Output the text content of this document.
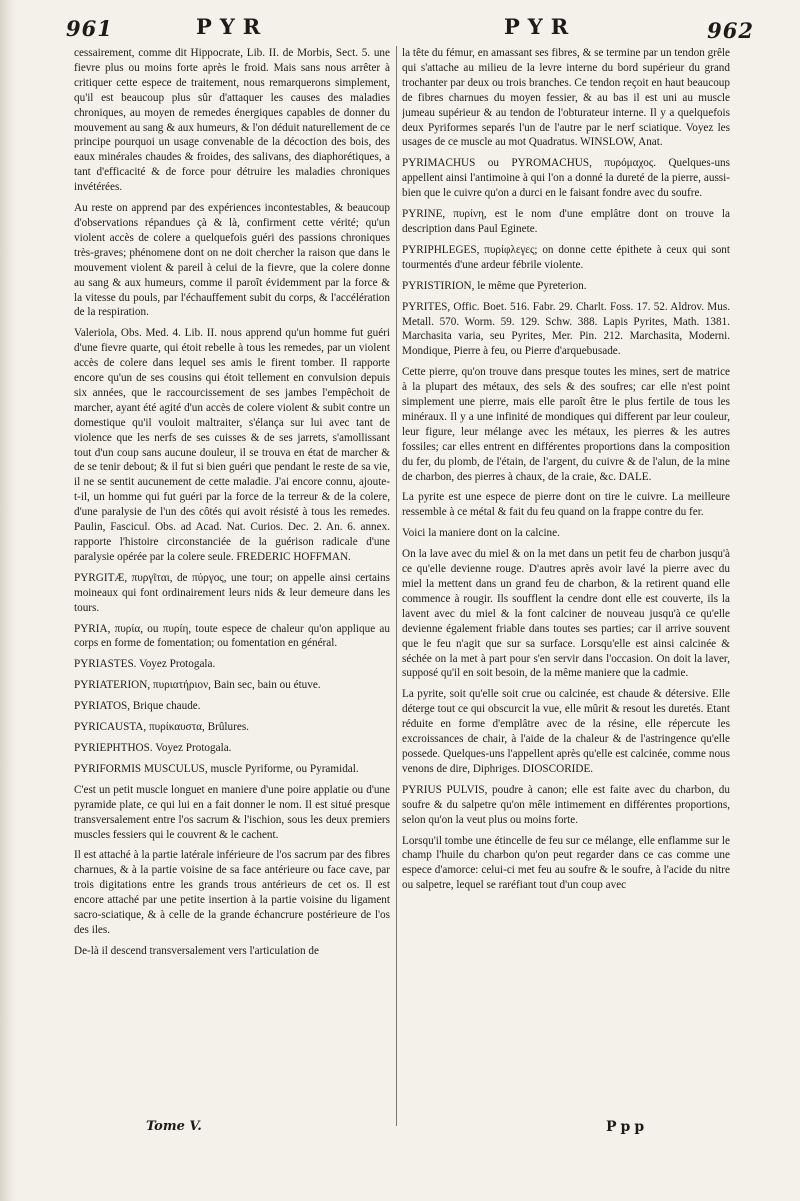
961	PYR	PYR	962

cessairement, comme dit Hippocrate, Lib. II. de Morbis, Sect. 5. une fievre plus ou moins forte après le froid. Mais sans nous arrêter à critiquer cette espece de traitement, nous remarquerons simplement, qu'il est beaucoup plus sûr d'attaquer les causes des maladies chroniques, au moyen de remedes énergiques capables de donner du mouvement au sang & aux humeurs, & l'on déduit naturellement de ce principe pourquoi un usage convenable de la décoction des bois, des eaux minérales chaudes & froides, des salivans, des diaphorétiques, a tant d'efficacité & de force pour détruire les maladies chroniques invétérées.

Au reste on apprend par des expériences incontestables, & beaucoup d'observations répandues çà & là, confirment cette vérité; qu'un violent accès de colere a quelquefois guéri des passions chroniques très-graves; phénomene dont on ne doit chercher la raison que dans le mouvement violent & pareil à celui de la fievre, que la colere donne au sang & aux humeurs, comme il paroît évidemment par la force & la vitesse du pouls, par l'échauffement subit du corps, & l'accélération de la respiration.

Valeriola, Obs. Med. 4. Lib. II. nous apprend qu'un homme fut guéri d'une fievre quarte, qui étoit rebelle à tous les remedes, par un violent accès de colere dans lequel ses amis le firent tomber. Il rapporte encore qu'un de ses cousins qui étoit tellement en convulsion depuis six années, que le raccourcissement de ses jambes l'empêchoit de marcher, ayant été agité d'un accès de colere violent & subit contre un domestique qu'il vouloit maltraiter, s'élança sur lui avec tant de violence que les nerfs de ses cuisses & de ses jarrets, s'amollissant tout d'un coup sans aucune douleur, il se trouva en état de marcher & de se tenir debout; & il fut si bien guéri que pendant le reste de sa vie, il ne se sentit aucunement de cette maladie. J'ai encore connu, ajoute-t-il, un homme qui fut guéri par la force de la terreur & de la colere, d'une paralysie de l'un des côtés qui avoit résisté à tous les remedes. Paulin, Fascicul. Obs. ad Acad. Nat. Curios. Dec. 2. An. 6. annex. rapporte l'histoire circonstanciée de la guérison radicale d'une paralysie opérée par la colere seule. FREDERIC HOFFMAN.

PYRGITÆ, πυργῖται, de πύργος, une tour; on appelle ainsi certains moineaux qui font ordinairement leurs nids & leur demeure dans les tours.

PYRIA, πυρία, ou πυρίη, toute espece de chaleur qu'on applique au corps en forme de fomentation; ou fomentation en général.

PYRIASTES. Voyez Protogala.

PYRIATERION, πυριατήριον, Bain sec, bain ou étuve.

PYRIATOS, Brique chaude.

PYRICAUSTA, πυρίκαυστα, Brûlures.

PYRIEPHTHOS. Voyez Protogala.

PYRIFORMIS MUSCULUS, muscle Pyriforme, ou Pyramidal.

C'est un petit muscle longuet en maniere d'une poire applatie ou d'une pyramide plate, ce qui lui en a fait donner le nom. Il est situé presque transversalement entre l'os sacrum & l'ischion, sous les deux premiers muscles fessiers qui le couvrent & le cachent.

Il est attaché à la partie latérale inférieure de l'os sacrum par des fibres charnues, & à la partie voisine de sa face antérieure ou face cave, par trois digitations entre les grands trous antérieurs de cet os. Il est encore attaché par une petite insertion à la partie voisine du ligament sacro-sciatique, & à celle de la grande échancrure postérieure de l'os des iles.

De-là il descend transversalement vers l'articulation de

la tête du fémur, en amassant ses fibres, & se termine par un tendon grêle qui s'attache au milieu de la levre interne du bord supérieur du grand trochanter par deux ou trois branches. Ce tendon reçoit en haut beaucoup de fibres charnues du moyen fessier, & au bas il est uni au muscle jumeau supérieur & au tendon de l'obturateur interne. Il y a quelquefois deux Pyriformes separés l'un de l'autre par le nerf sciatique. Voyez les usages de ce muscle au mot Quadratus. WINSLOW, Anat.

PYRIMACHUS ou PYROMACHUS, πυρόμαχος. Quelques-uns appellent ainsi l'antimoine à qui l'on a donné la dureté de la pierre, aussi-bien que le cuivre qu'on a durci en le faisant fondre avec du soufre.

PYRINE, πυρίνη, est le nom d'une emplâtre dont on trouve la description dans Paul Eginete.

PYRIPHLEGES, πυρίφλεγες; on donne cette épithete à ceux qui sont tourmentés d'une ardeur fébrile violente.

PYRISTIRION, le même que Pyreterion.

PYRITES, Offic. Boet. 516. Fabr. 29. Charlt. Foss. 17. 52. Aldrov. Mus. Metall. 570. Worm. 59. 129. Schw. 388. Lapis Pyrites, Math. 1381. Marchasita varia, seu Pyrites, Mer. Pin. 212. Marchasita, Moderni. Mondique, Pierre à feu, ou Pierre d'arquebusade.

Cette pierre, qu'on trouve dans presque toutes les mines, sert de matrice à la plupart des métaux, des sels & des soufres; car elle n'est point simplement une pierre, mais elle paroît être le plus fertile de tous les minéraux. Il y a une infinité de mondiques qui different par leur couleur, leur figure, leur mélange avec les métaux, les pierres & les autres fossiles; car elles entrent en différentes proportions dans la composition du fer, du plomb, de l'étain, de l'argent, du cuivre & de l'alun, de la mine de charbon, des pierres à chaux, de la craie, &c. DALE.

La pyrite est une espece de pierre dont on tire le cuivre. La meilleure ressemble à ce métal & fait du feu quand on la frappe contre du fer.

Voici la maniere dont on la calcine.

On la lave avec du miel & on la met dans un petit feu de charbon jusqu'à ce qu'elle devienne rouge. D'autres après avoir lavé la pierre avec du miel la mettent dans un grand feu de charbon, & la retirent quand elle commence à rougir. Ils soufflent la cendre dont elle est couverte, ils la lavent avec du miel & la font calciner de nouveau jusqu'à ce qu'elle devienne également friable dans toutes ses parties; car il arrive souvent que le feu n'agit que sur sa surface. Lorsqu'elle est ainsi calcinée & séchée on la met à part pour s'en servir dans l'occasion. On doit la laver, supposé qu'il en soit besoin, de la même maniere que la cadmie.

La pyrite, soit qu'elle soit crue ou calcinée, est chaude & détersive. Elle déterge tout ce qui obscurcit la vue, elle mûrit & resout les duretés. Etant réduite en forme d'emplâtre avec de la résine, elle répercute les excroissances de chair, à l'aide de la chaleur & de l'astringence qu'elle possede. Quelques-uns l'appellent après qu'elle est calcinée, comme nous venons de dire, Diphriges. DIOSCORIDE.

PYRIUS PULVIS, poudre à canon; elle est faite avec du charbon, du soufre & du salpetre qu'on mêle intimement en différentes proportions, selon qu'on la veut plus ou moins forte.

Lorsqu'il tombe une étincelle de feu sur ce mélange, elle enflamme sur le champ l'huile du charbon qu'on peut regarder dans ce cas comme une espece d'amorce: celui-ci met feu au soufre & le soufre, à l'acide du nitre ou salpetre, lequel se raréfiant tout d'un coup avec

Tome V.	Ppp
